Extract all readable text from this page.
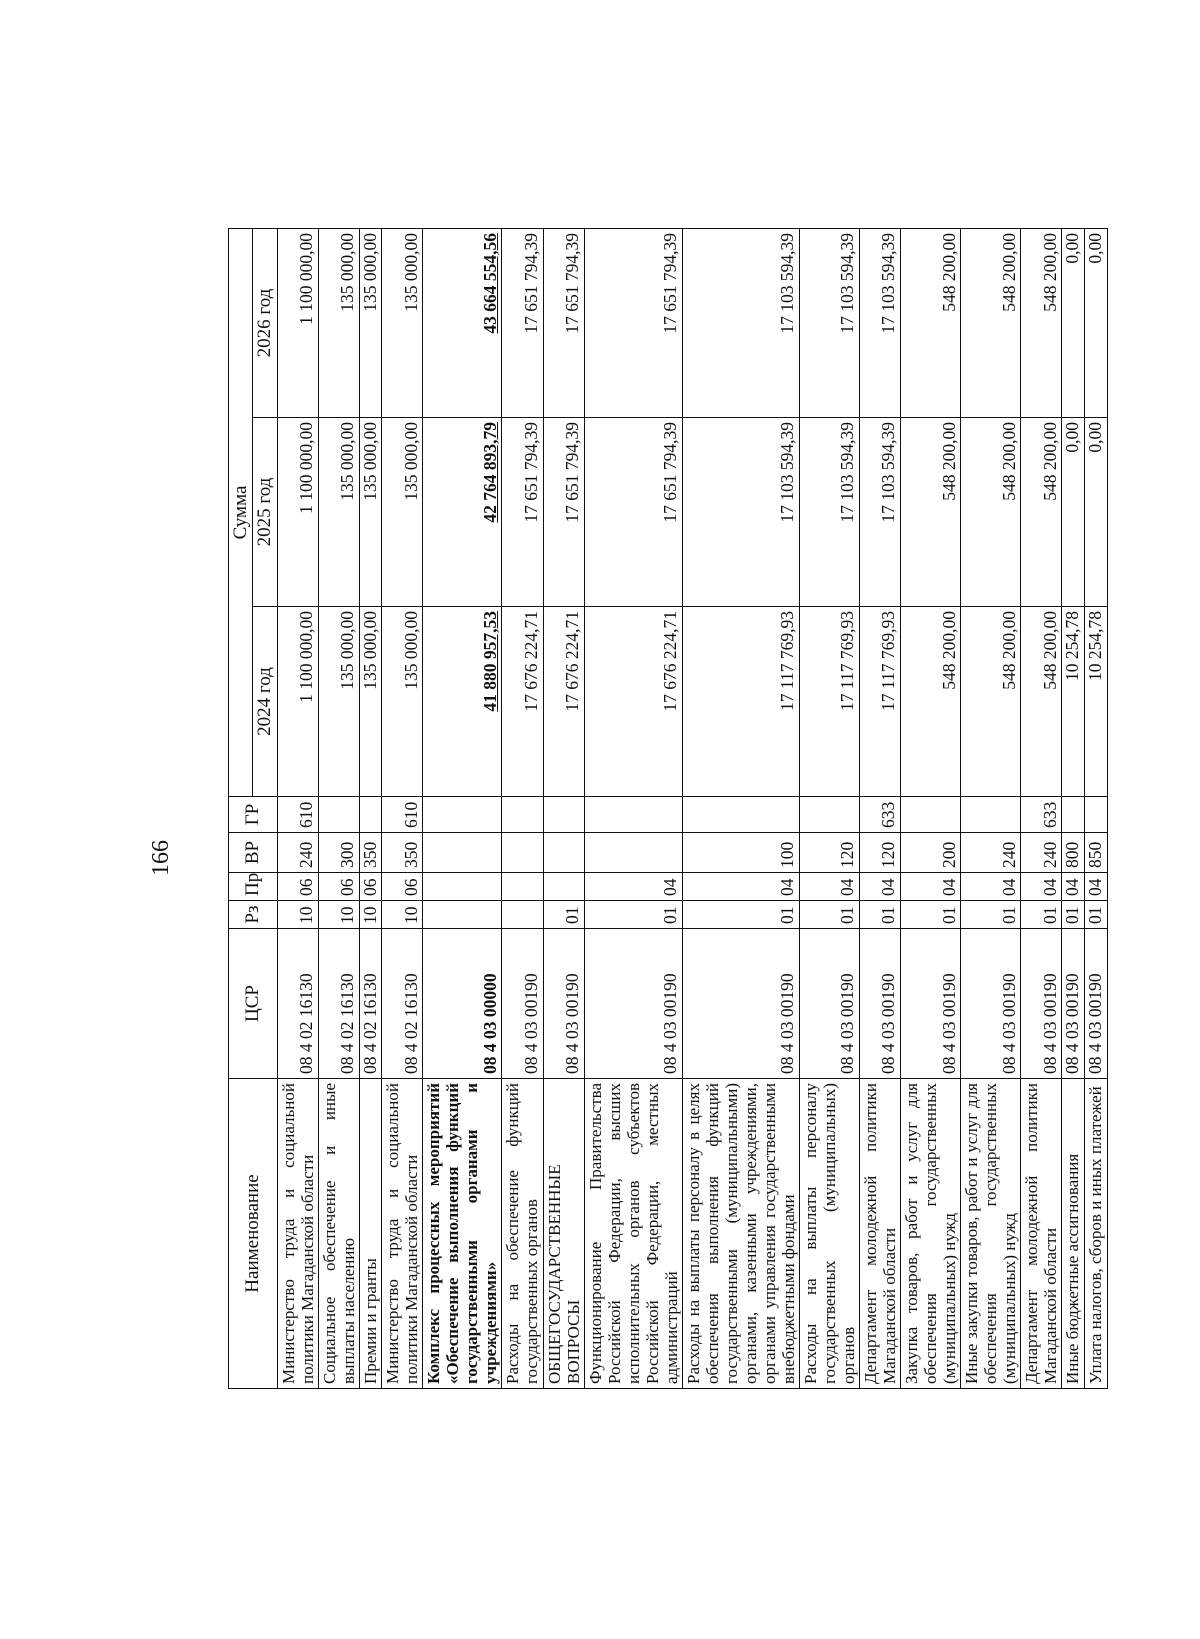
166
Наименование	ЦСР	Рз	Пр	ВР	ГР	Сумма		
						2024 год	2025 год	2026 год
Министерство труда и социальной политики Магаданской области	08 4 02 16130	10	06	240	610	1 100 000,00	1 100 000,00	1 100 000,00
Социальное обеспечение и иные выплаты населению	08 4 02 16130	10	06	300		135 000,00	135 000,00	135 000,00
Премии и гранты	08 4 02 16130	10	06	350		135 000,00	135 000,00	135 000,00
Министерство труда и социальной политики Магаданской области	08 4 02 16130	10	06	350	610	135 000,00	135 000,00	135 000,00
Комплекс процессных мероприятий «Обеспечение выполнения функций государственными органами и учреждениями»	08 4 03 00000					41 880 957,53	42 764 893,79	43 664 554,56
Расходы на обеспечение функций государственных органов	08 4 03 00190					17 676 224,71	17 651 794,39	17 651 794,39
ОБЩЕГОСУДАРСТВЕННЫЕ ВОПРОСЫ	08 4 03 00190	01				17 676 224,71	17 651 794,39	17 651 794,39
Функционирование Правительства Российской Федерации, высших исполнительных органов субъектов Российской Федерации, местных администраций	08 4 03 00190	01	04			17 676 224,71	17 651 794,39	17 651 794,39
Расходы на выплаты персоналу в целях обеспечения выполнения функций государственными (муниципальными) органами, казенными учреждениями, органами управления государственными внебюджетными фондами	08 4 03 00190	01	04	100		17 117 769,93	17 103 594,39	17 103 594,39
Расходы на выплаты персоналу государственных (муниципальных) органов	08 4 03 00190	01	04	120		17 117 769,93	17 103 594,39	17 103 594,39
Департамент молодежной политики Магаданской области	08 4 03 00190	01	04	120	633	17 117 769,93	17 103 594,39	17 103 594,39
Закупка товаров, работ и услуг для обеспечения государственных (муниципальных) нужд	08 4 03 00190	01	04	200		548 200,00	548 200,00	548 200,00
Иные закупки товаров, работ и услуг для обеспечения государственных (муниципальных) нужд	08 4 03 00190	01	04	240		548 200,00	548 200,00	548 200,00
Департамент молодежной политики Магаданской области	08 4 03 00190	01	04	240	633	548 200,00	548 200,00	548 200,00
Иные бюджетные ассигнования	08 4 03 00190	01	04	800		10 254,78	0,00	0,00
Уплата налогов, сборов и иных платежей	08 4 03 00190	01	04	850		10 254,78	0,00	0,00
